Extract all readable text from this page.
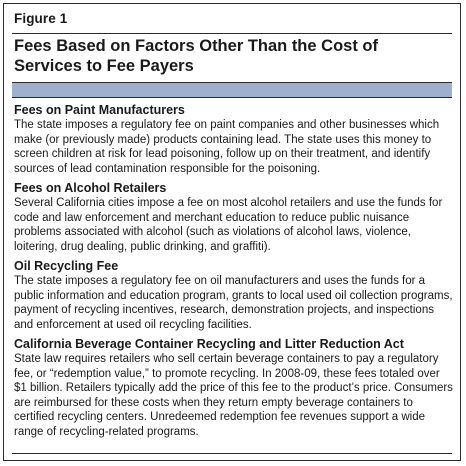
Figure 1
Fees Based on Factors Other Than the Cost of Services to Fee Payers
Fees on Paint Manufacturers

The state imposes a regulatory fee on paint companies and other businesses which make (or previously made) products containing lead. The state uses this money to screen children at risk for lead poisoning, follow up on their treatment, and identify sources of lead contamination responsible for the poisoning.

Fees on Alcohol Retailers

Several California cities impose a fee on most alcohol retailers and use the funds for code and law enforcement and merchant education to reduce public nuisance problems associated with alcohol (such as violations of alcohol laws, violence, loitering, drug dealing, public drinking, and graffiti).

Oil Recycling Fee

The state imposes a regulatory fee on oil manufacturers and uses the funds for a public information and education program, grants to local used oil collection programs, payment of recycling incentives, research, demonstration projects, and inspections and enforcement at used oil recycling facilities.

California Beverage Container Recycling and Litter Reduction Act

State law requires retailers who sell certain beverage containers to pay a regulatory fee, or “redemption value,” to promote recycling. In 2008-09, these fees totaled over $1 billion. Retailers typically add the price of this fee to the product’s price. Consumers are reimbursed for these costs when they return empty beverage containers to certified recycling centers. Unredeemed redemption fee revenues support a wide range of recycling-related programs.
